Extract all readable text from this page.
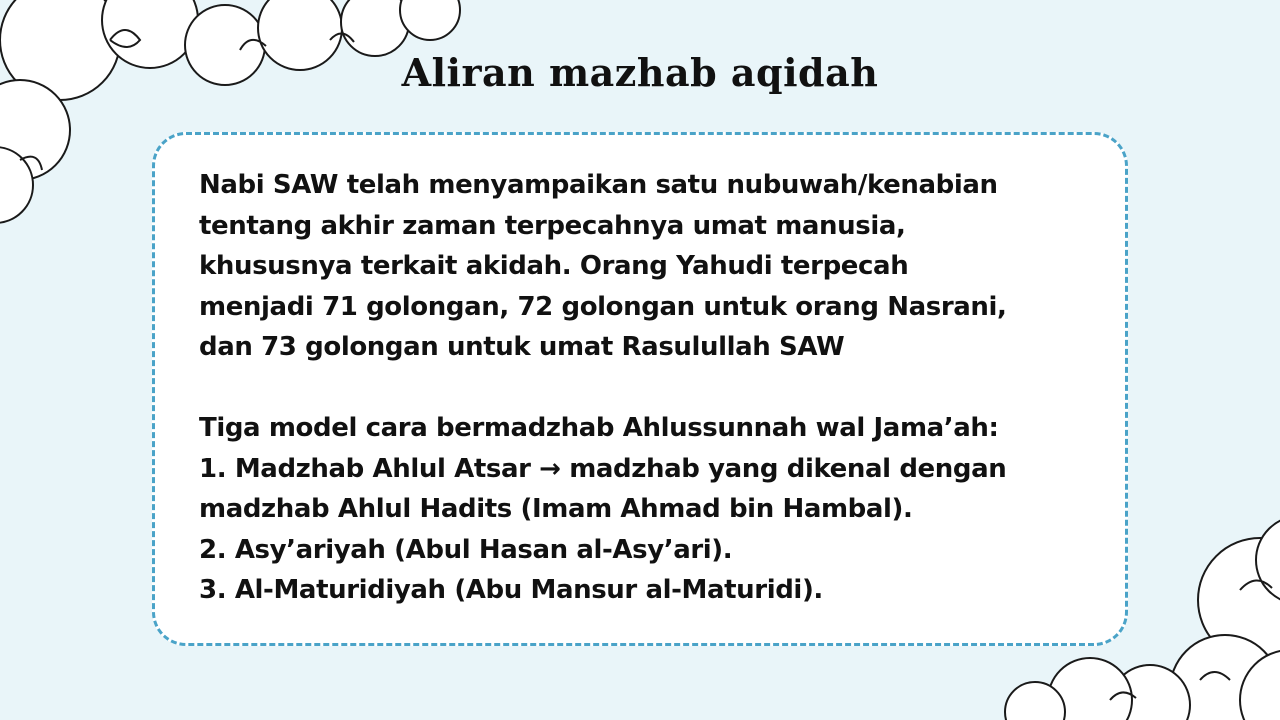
Aliran mazhab aqidah
Nabi SAW telah menyampaikan satu nubuwah/kenabian
tentang akhir zaman terpecahnya umat manusia,
khususnya terkait akidah. Orang Yahudi terpecah
menjadi 71 golongan, 72 golongan untuk orang Nasrani,
dan 73 golongan untuk umat Rasulullah SAW
Tiga model cara bermadzhab Ahlussunnah wal Jama’ah:
1. Madzhab Ahlul Atsar → madzhab yang dikenal dengan
madzhab Ahlul Hadits (Imam Ahmad bin Hambal).
2. Asy’ariyah (Abul Hasan al-Asy’ari).
3. Al-Maturidiyah (Abu Mansur al-Maturidi).
